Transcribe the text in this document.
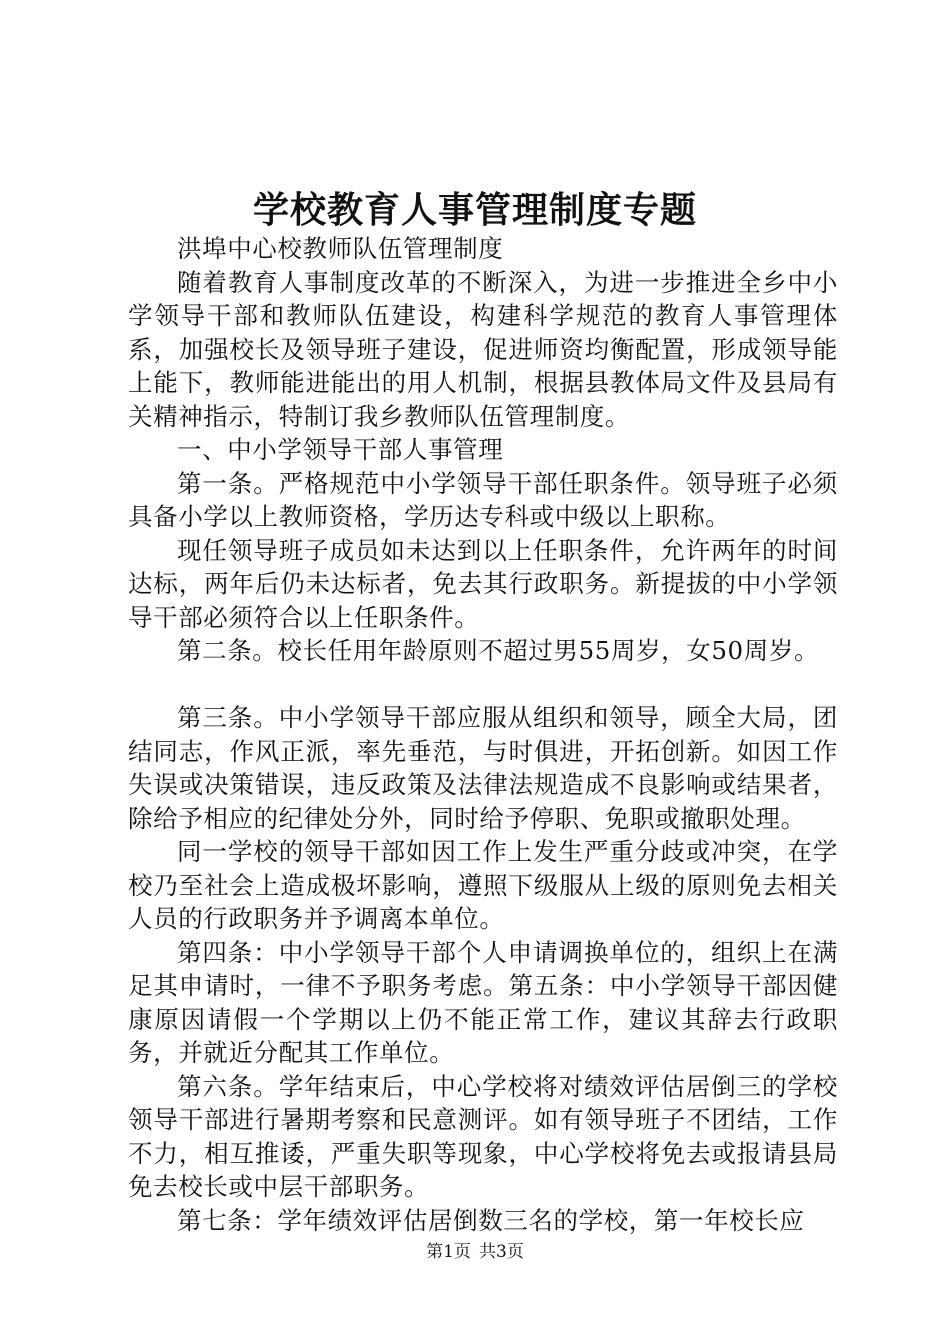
学校教育人事管理制度专题

洪埠中心校教师队伍管理制度

随着教育人事制度改革的不断深入，为进一步推进全乡中小学领导干部和教师队伍建设，构建科学规范的教育人事管理体系，加强校长及领导班子建设，促进师资均衡配置，形成领导能上能下，教师能进能出的用人机制，根据县教体局文件及县局有关精神指示，特制订我乡教师队伍管理制度。

一、中小学领导干部人事管理

第一条。严格规范中小学领导干部任职条件。领导班子必须具备小学以上教师资格，学历达专科或中级以上职称。

现任领导班子成员如未达到以上任职条件，允许两年的时间达标，两年后仍未达标者，免去其行政职务。新提拔的中小学领导干部必须符合以上任职条件。

第二条。校长任用年龄原则不超过男55周岁，女50周岁。

第三条。中小学领导干部应服从组织和领导，顾全大局，团结同志，作风正派，率先垂范，与时俱进，开拓创新。如因工作失误或决策错误，违反政策及法律法规造成不良影响或结果者，除给予相应的纪律处分外，同时给予停职、免职或撤职处理。

同一学校的领导干部如因工作上发生严重分歧或冲突，在学校乃至社会上造成极坏影响，遵照下级服从上级的原则免去相关人员的行政职务并予调离本单位。

第四条：中小学领导干部个人申请调换单位的，组织上在满足其申请时，一律不予职务考虑。第五条：中小学领导干部因健康原因请假一个学期以上仍不能正常工作，建议其辞去行政职务，并就近分配其工作单位。

第六条。学年结束后，中心学校将对绩效评估居倒三的学校领导干部进行暑期考察和民意测评。如有领导班子不团结，工作不力，相互推诿，严重失职等现象，中心学校将免去或报请县局免去校长或中层干部职务。

第七条：学年绩效评估居倒数三名的学校，第一年校长应

第1页 共3页
